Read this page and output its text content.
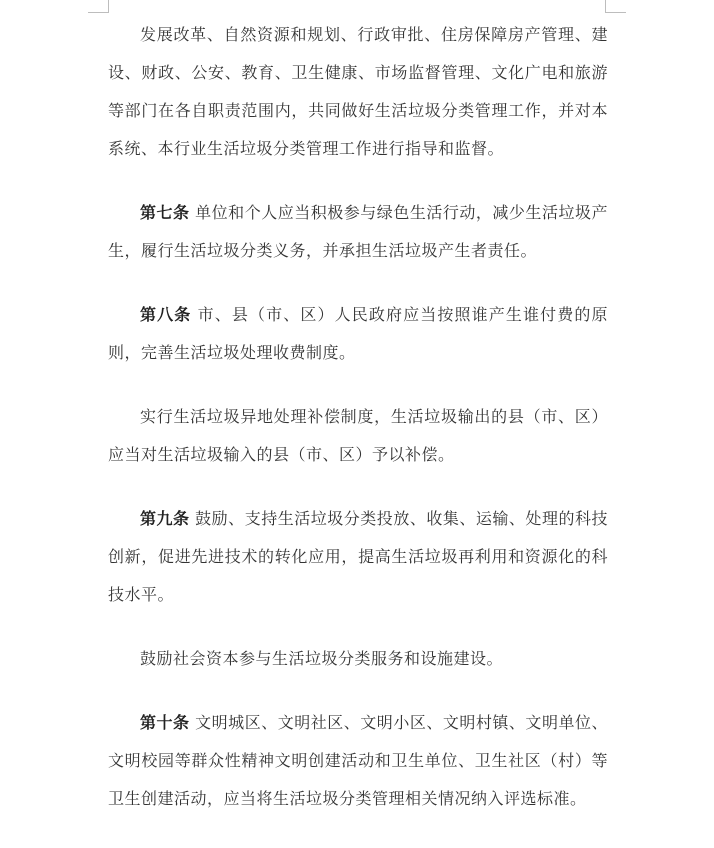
发展改革、自然资源和规划、行政审批、住房保障房产管理、建设、财政、公安、教育、卫生健康、市场监督管理、文化广电和旅游等部门在各自职责范围内，共同做好生活垃圾分类管理工作，并对本系统、本行业生活垃圾分类管理工作进行指导和监督。

第七条 单位和个人应当积极参与绿色生活行动，减少生活垃圾产生，履行生活垃圾分类义务，并承担生活垃圾产生者责任。

第八条 市、县（市、区）人民政府应当按照谁产生谁付费的原则，完善生活垃圾处理收费制度。

实行生活垃圾异地处理补偿制度，生活垃圾输出的县（市、区）应当对生活垃圾输入的县（市、区）予以补偿。

第九条 鼓励、支持生活垃圾分类投放、收集、运输、处理的科技创新，促进先进技术的转化应用，提高生活垃圾再利用和资源化的科技水平。

鼓励社会资本参与生活垃圾分类服务和设施建设。

第十条 文明城区、文明社区、文明小区、文明村镇、文明单位、文明校园等群众性精神文明创建活动和卫生单位、卫生社区（村）等卫生创建活动，应当将生活垃圾分类管理相关情况纳入评选标准。
